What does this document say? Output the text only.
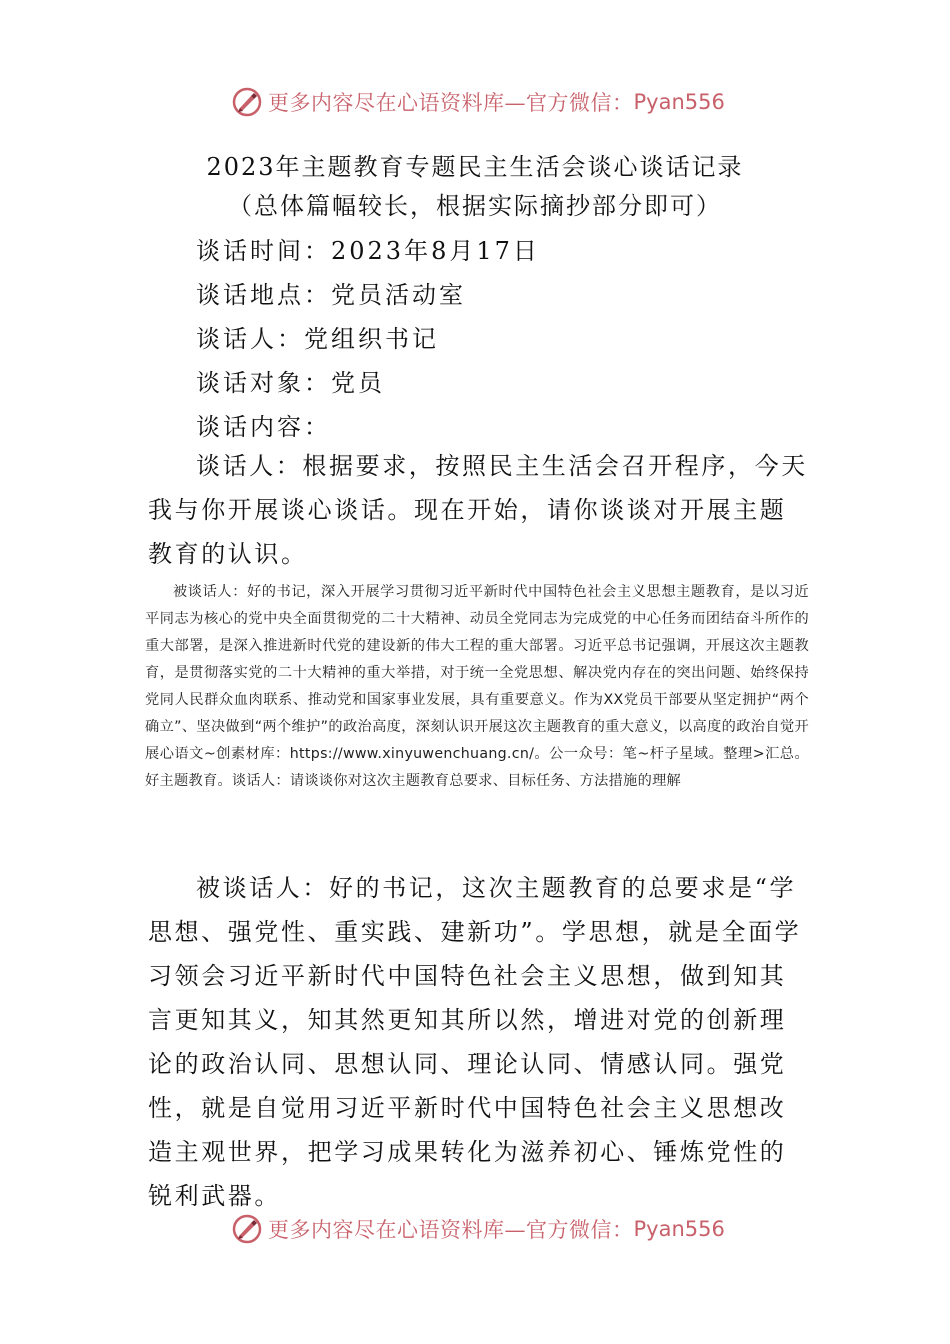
更多内容尽在心语资料库—官方微信： Pyan556
2023年主题教育专题民主生活会谈心谈话记录
（总体篇幅较长，根据实际摘抄部分即可）
谈话时间：2023年8月17日
谈话地点：党员活动室
谈话人：党组织书记
谈话对象：党员
谈话内容：

谈话人：根据要求，按照民主生活会召开程序，今天我与你开展谈心谈话。现在开始，请你谈谈对开展主题教育的认识。

被谈话人：好的书记，深入开展学习贯彻习近平新时代中国特色社会主义思想主题教育，是以习近平同志为核心的党中央全面贯彻党的二十大精神、动员全党同志为完成党的中心任务而团结奋斗所作的重大部署，是深入推进新时代党的建设新的伟大工程的重大部署。习近平总书记强调，开展这次主题教育，是贯彻落实党的二十大精神的重大举措，对于统一全党思想、解决党内存在的突出问题、始终保持党同人民群众血肉联系、推动党和国家事业发展，具有重要意义。作为XX党员干部要从坚定拥护“两个确立”、坚决做到“两个维护”的政治高度，深刻认识开展这次主题教育的重大意义，以高度的政治自觉开展心语文~创素材库：https://www.xinyuwenchuang.cn/。公一众号：笔~杆子星域。整理>汇总。好主题教育。谈话人：请谈谈你对这次主题教育总要求、目标任务、方法措施的理解

被谈话人：好的书记，这次主题教育的总要求是“学思想、强党性、重实践、建新功”。学思想，就是全面学习领会习近平新时代中国特色社会主义思想，做到知其言更知其义，知其然更知其所以然，增进对党的创新理论的政治认同、思想认同、理论认同、情感认同。强党性，就是自觉用习近平新时代中国特色社会主义思想改造主观世界，把学习成果转化为滋养初心、锤炼党性的锐利武器。

更多内容尽在心语资料库—官方微信： Pyan556
